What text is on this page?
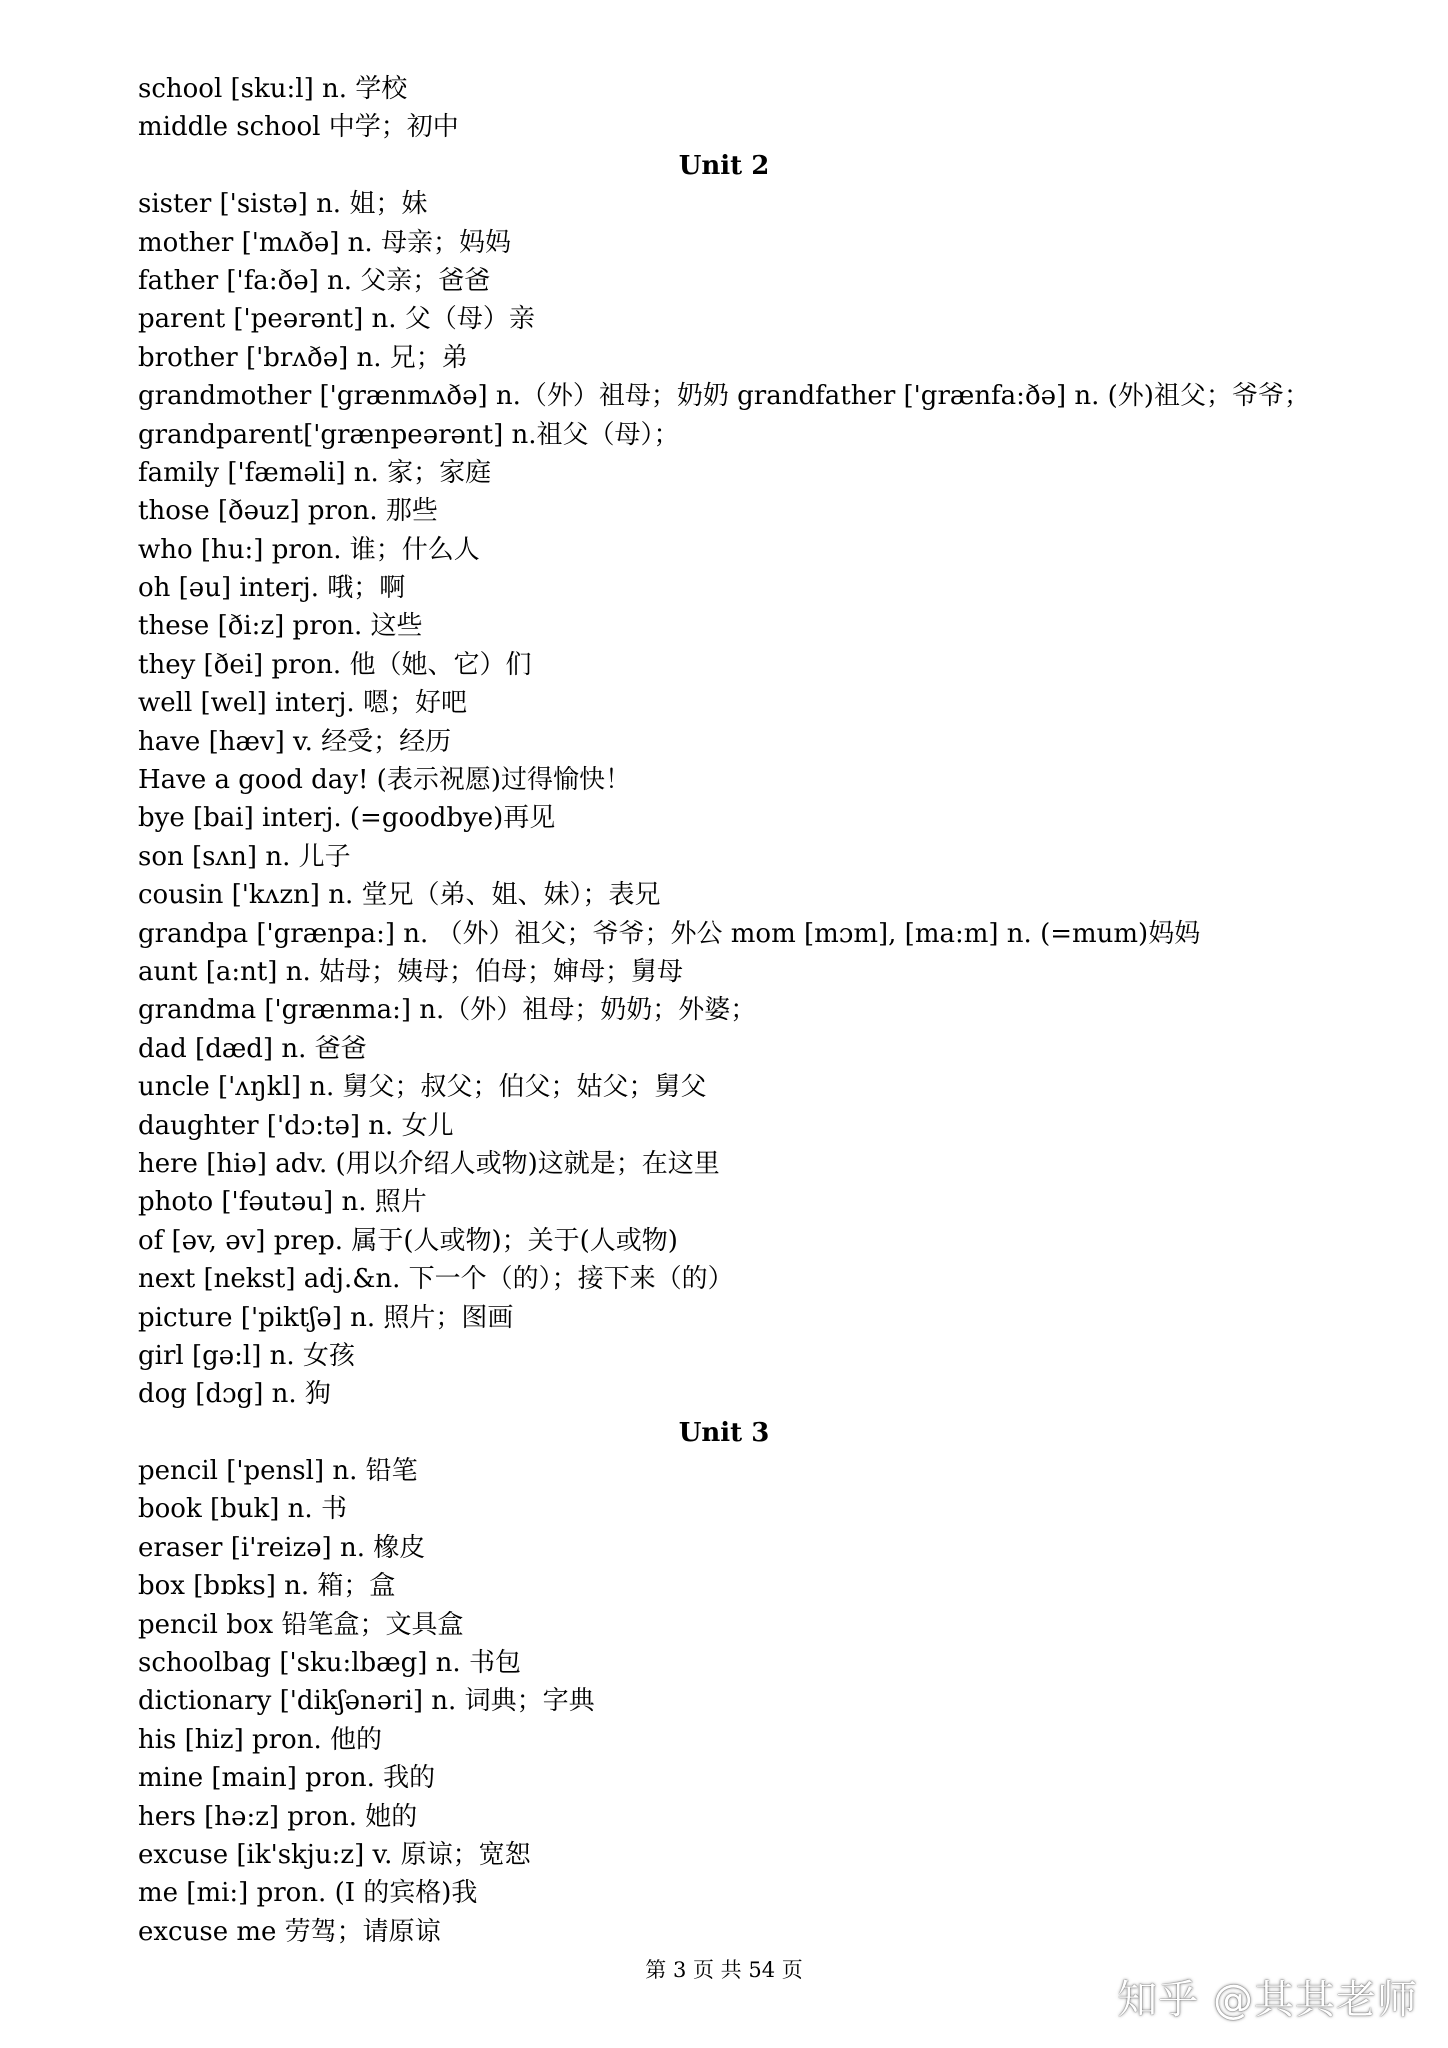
school [sku:l] n. 学校
middle school 中学；初中
Unit 2
sister ['sistə] n. 姐；妹
mother ['mʌðə] n. 母亲；妈妈
father ['fa:ðə] n. 父亲；爸爸
parent ['peərənt] n. 父（母）亲
brother ['brʌðə] n. 兄；弟
grandmother ['grænmʌðə] n.（外）祖母；奶奶 grandfather ['grænfa:ðə] n. (外)祖父；爷爷；
grandparent['grænpeərənt] n.祖父（母）；
family ['fæməli] n. 家；家庭
those [ðəuz] pron. 那些
who [hu:] pron. 谁；什么人
oh [əu] interj. 哦；啊
these [ði:z] pron. 这些
they [ðei] pron. 他（她、它）们
well [wel] interj. 嗯；好吧
have [hæv] v. 经受；经历
Have a good day! (表示祝愿)过得愉快！
bye [bai] interj. (=goodbye)再见
son [sʌn] n. 儿子
cousin ['kʌzn] n. 堂兄（弟、姐、妹）；表兄
grandpa ['grænpa:] n. （外）祖父；爷爷；外公 mom [mɔm], [ma:m] n. (=mum)妈妈
aunt [a:nt] n. 姑母；姨母；伯母；婶母；舅母
grandma ['grænma:] n.（外）祖母；奶奶；外婆；
dad [dæd] n. 爸爸
uncle ['ʌŋkl] n. 舅父；叔父；伯父；姑父；舅父
daughter ['dɔ:tə] n. 女儿
here [hiə] adv. (用以介绍人或物)这就是；在这里
photo ['fəutəu] n. 照片
of [əv, əv] prep. 属于(人或物)；关于(人或物)
next [nekst] adj.&n. 下一个（的）；接下来（的）
picture ['piktʃə] n. 照片；图画
girl [gə:l] n. 女孩
dog [dɔg] n. 狗
Unit 3
pencil ['pensl] n. 铅笔
book [buk] n. 书
eraser [i'reizə] n. 橡皮
box [bɒks] n. 箱；盒
pencil box 铅笔盒；文具盒
schoolbag ['sku:lbæg] n. 书包
dictionary ['dikʃənəri] n. 词典；字典
his [hiz] pron. 他的
mine [main] pron. 我的
hers [hə:z] pron. 她的
excuse [ik'skju:z] v. 原谅；宽恕
me [mi:] pron. (I 的宾格)我
excuse me 劳驾；请原谅
第 3 页 共 54 页
知乎 @其其老师
